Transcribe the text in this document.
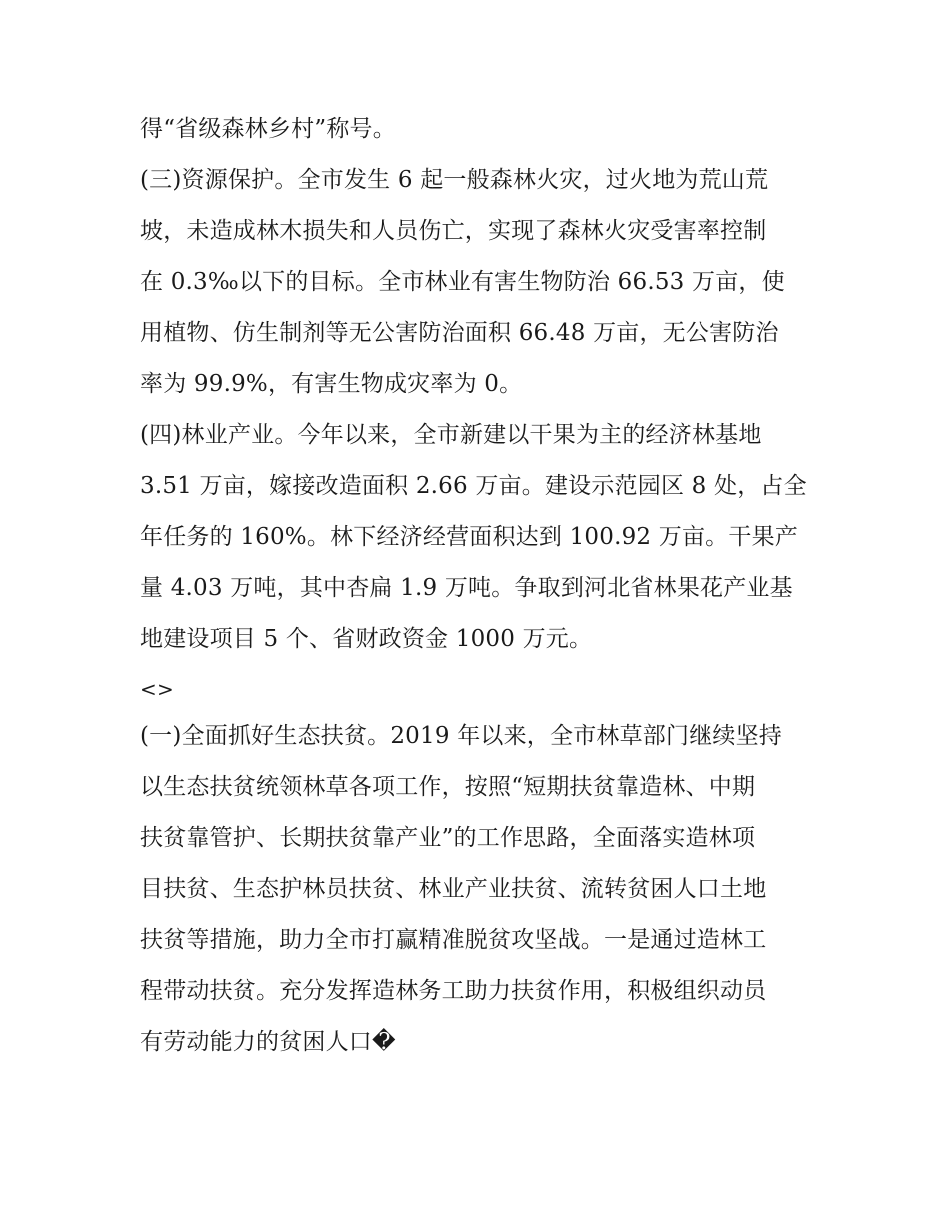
得“省级森林乡村”称号。
(三)资源保护。全市发生 6 起一般森林火灾，过火地为荒山荒
坡，未造成林木损失和人员伤亡，实现了森林火灾受害率控制
在 0.3‰以下的目标。全市林业有害生物防治 66.53 万亩，使
用植物、仿生制剂等无公害防治面积 66.48 万亩，无公害防治
率为 99.9%，有害生物成灾率为 0。
(四)林业产业。今年以来，全市新建以干果为主的经济林基地
3.51 万亩，嫁接改造面积 2.66 万亩。建设示范园区 8 处，占全
年任务的 160%。林下经济经营面积达到 100.92 万亩。干果产
量 4.03 万吨，其中杏扁 1.9 万吨。争取到河北省林果花产业基
地建设项目 5 个、省财政资金 1000 万元。
<>
(一)全面抓好生态扶贫。2019 年以来，全市林草部门继续坚持
以生态扶贫统领林草各项工作，按照“短期扶贫靠造林、中期
扶贫靠管护、长期扶贫靠产业”的工作思路，全面落实造林项
目扶贫、生态护林员扶贫、林业产业扶贫、流转贫困人口土地
扶贫等措施，助力全市打赢精准脱贫攻坚战。一是通过造林工
程带动扶贫。充分发挥造林务工助力扶贫作用，积极组织动员
有劳动能力的贫困人口�
